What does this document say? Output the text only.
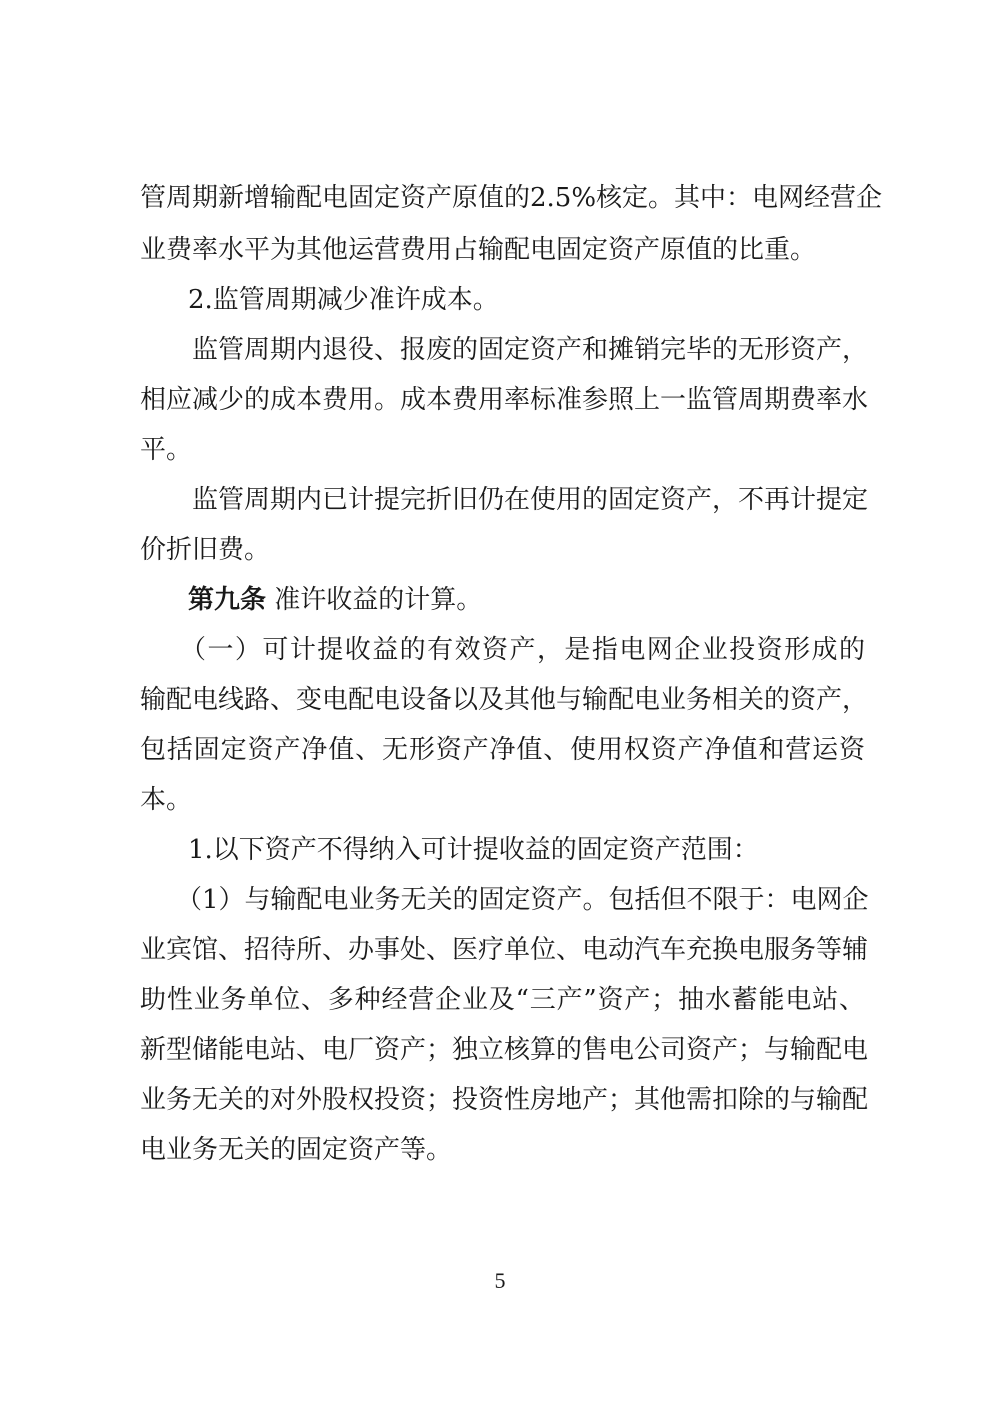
管周期新增输配电固定资产原值的2.5%核定。其中：电网经营企
业费率水平为其他运营费用占输配电固定资产原值的比重。
2.监管周期减少准许成本。
监管周期内退役、报废的固定资产和摊销完毕的无形资产，
相应减少的成本费用。成本费用率标准参照上一监管周期费率水
平。
监管周期内已计提完折旧仍在使用的固定资产，不再计提定
价折旧费。
第九条 准许收益的计算。
（一）可计提收益的有效资产，是指电网企业投资形成的
输配电线路、变电配电设备以及其他与输配电业务相关的资产，
包括固定资产净值、无形资产净值、使用权资产净值和营运资
本。
1.以下资产不得纳入可计提收益的固定资产范围：
（1）与输配电业务无关的固定资产。包括但不限于：电网企
业宾馆、招待所、办事处、医疗单位、电动汽车充换电服务等辅
助性业务单位、多种经营企业及“三产”资产；抽水蓄能电站、
新型储能电站、电厂资产；独立核算的售电公司资产；与输配电
业务无关的对外股权投资；投资性房地产；其他需扣除的与输配
电业务无关的固定资产等。
5
